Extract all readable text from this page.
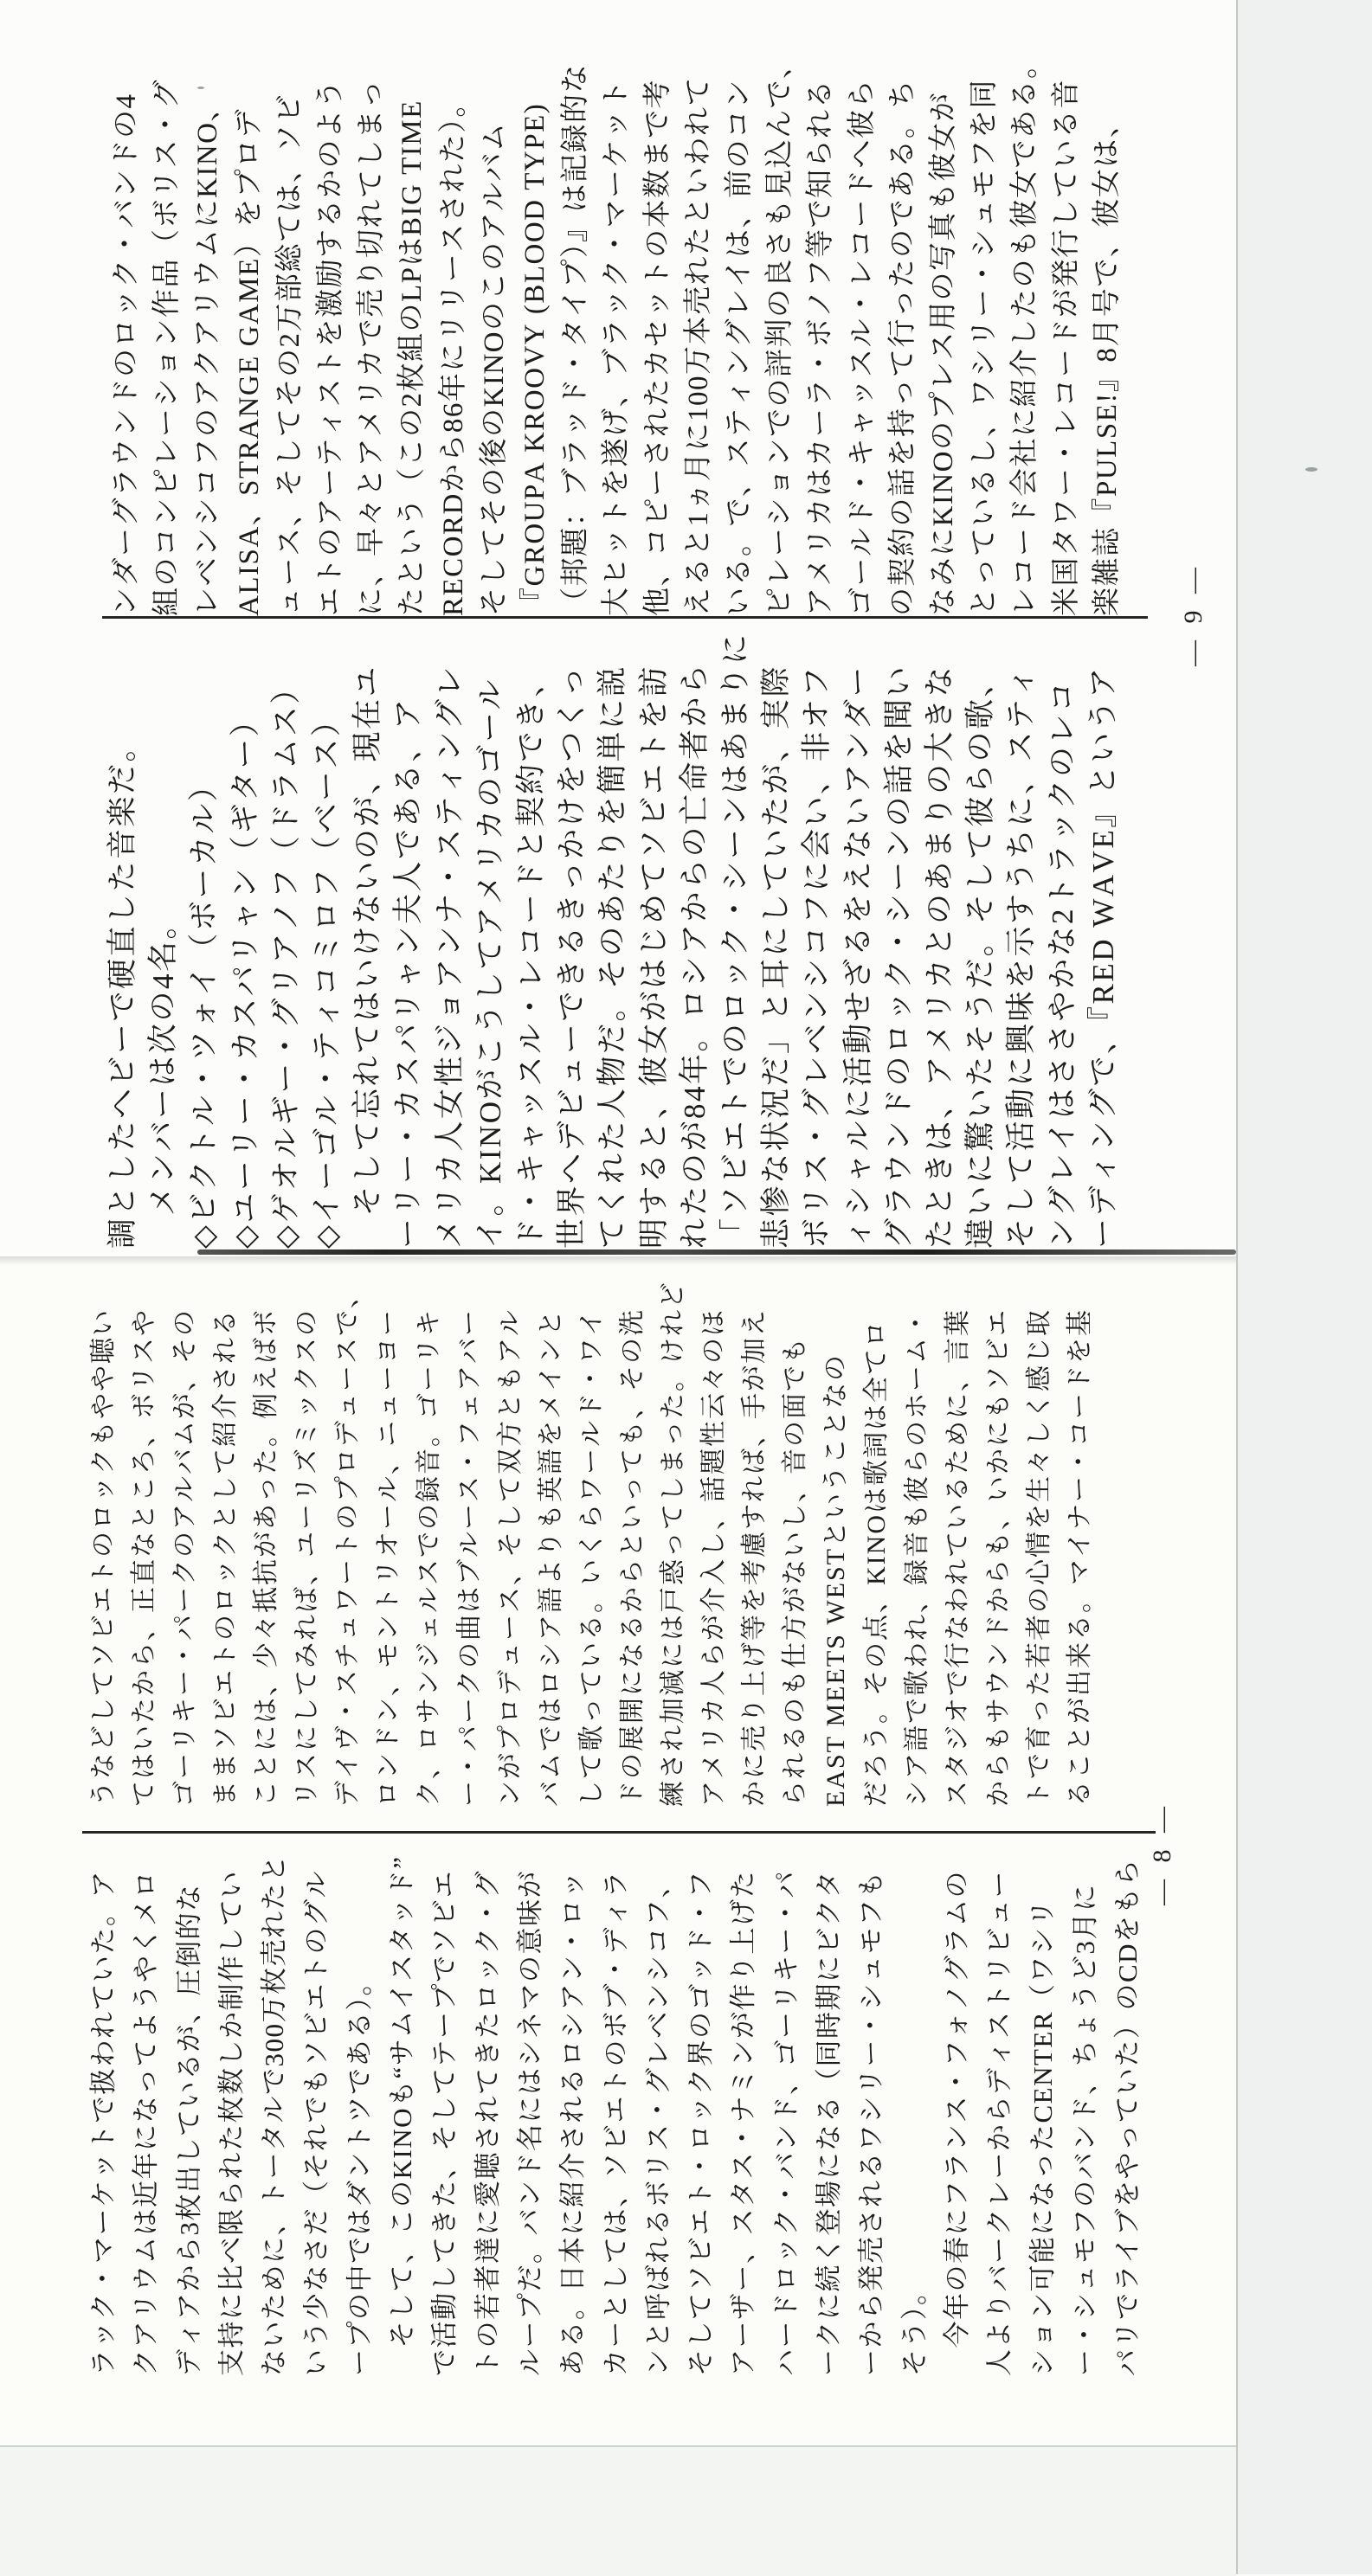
ンダーグラウンドのロック・バンドの4 組のコンピレーション作品（ボリス・グ レベンシコフのアクアリウムにKINO、 ALISA、STRANGE GAME）をプロデ ュース、そしてその2万部総ては、ソビ エトのアーティストを激励するかのよう に、早々とアメリカで売り切れてしまっ たという（この2枚組のLPはBIG TIME RECORDから86年にリリースされた）。 そしてその後のKINOのこのアルバム 『GROUPA KROOVY (BLOOD TYPE) （邦題：ブラッド・タイプ）』は記録的な 大ヒットを遂げ、ブラック・マーケット 他、コピーされたカセットの本数まで考 えると1ヵ月に100万本売れたといわれて いる。で、スティングレイは、前のコン ピレーションでの評判の良さも見込んで、 アメリカはカーラ・ボノフ等で知られる ゴールド・キャッスル・レコードへ彼ら の契約の話を持って行ったのである。ち なみにKINOのプレス用の写真も彼女が とっているし、ワシリー・シュモフを同 レコード会社に紹介したのも彼女である。 米国タワー・レコードが発行している音 楽雑誌『PULSE!』8月号で、彼女は、
調としたヘビーで硬直した音楽だ。 　メンバーは次の4名。 ◇ビクトル・ツォイ（ボーカル） ◇ユーリー・カスパリャン（ギター） ◇ゲオルギー・グリアノフ（ドラムス） ◇イーゴル・ティコミロフ（ベース） 　そして忘れてはいけないのが、現在ユ ーリー・カスパリャン夫人である、ア メリカ人女性ジョアンナ・スティングレ イ。KINOがこうしてアメリカのゴール ド・キャッスル・レコードと契約でき、 世界へデビューできるきっかけをつくっ てくれた人物だ。そのあたりを簡単に説 明すると、彼女がはじめてソビエトを訪 れたのが84年。ロシアからの亡命者から 「ソビエトでのロック・シーンはあまりに 悲惨な状況だ」と耳にしていたが、実際 ボリス・グレベンシコフに会い、非オフ ィシャルに活動せざるをえないアンダー グラウンドのロック・シーンの話を聞い たときは、アメリカとのあまりの大きな 違いに驚いたそうだ。そして彼らの歌、 そして活動に興味を示すうちに、スティ ングレイはささやかな2トラックのレコ ーディングで、『RED WAVE』というア
うなどしてソビエトのロックもやや聴い てはいたから、正直なところ、ボリスや ゴーリキー・パークのアルバムが、その ままソビエトのロックとして紹介される ことには、少々抵抗があった。例えばボ リスにしてみれば、ユーリズミックスの デイヴ・スチュワートのプロデュースで、 ロンドン、モントリオール、ニューヨー ク、ロサンジェルスでの録音。ゴーリキ ー・パークの曲はブルース・フェアバー ンがプロデュース、そして双方ともアル バムではロシア語よりも英語をメインと して歌っている。いくらワールド・ワイ ドの展開になるからといっても、その洗 練され加減には戸惑ってしまった。けれど アメリカ人らが介入し、話題性云々のほ かに売り上げ等を考慮すれば、手が加え られるのも仕方がないし、音の面でも EAST MEETS WESTということなの だろう。その点、KINOは歌詞は全てロ シア語で歌われ、録音も彼らのホーム・ スタジオで行なわれているために、言葉 からもサウンドからも、いかにもソビエ トで育った若者の心情を生々しく感じ取 ることが出来る。マイナー・コードを基
ラック・マーケットで扱われていた。ア クアリウムは近年になってようやくメロ ディアから3枚出しているが、圧倒的な 支持に比べ限られた枚数しか制作してい ないために、トータルで300万枚売れたと いう少なさだ（それでもソビエトのグル ープの中ではダントツである）。 　そして、このKINOも“サムイスタッド” で活動してきた、そしてテープでソビエ トの若者達に愛聴されてきたロック・グ ループだ。バンド名にはシネマの意味が ある。日本に紹介されるロシアン・ロッ カーとしては、ソビエトのボブ・ディラ ンと呼ばれるボリス・グレベンシコフ、 そしてソビエト・ロック界のゴッド・フ アーザー、スタス・ナミンが作り上げた ハードロック・バンド、ゴーリキー・パ ークに続く登場になる（同時期にビクタ ーから発売されるワシリー・シュモフも そう）。 　今年の春にフランス・フォノグラムの 人よりバークレーからディストリビュー ション可能になったCENTER（ワシリ ー・シュモフのバンド、ちょうど3月に パリでライブをやっていた）のCDをもら
― 9 ―
― 8 ―
